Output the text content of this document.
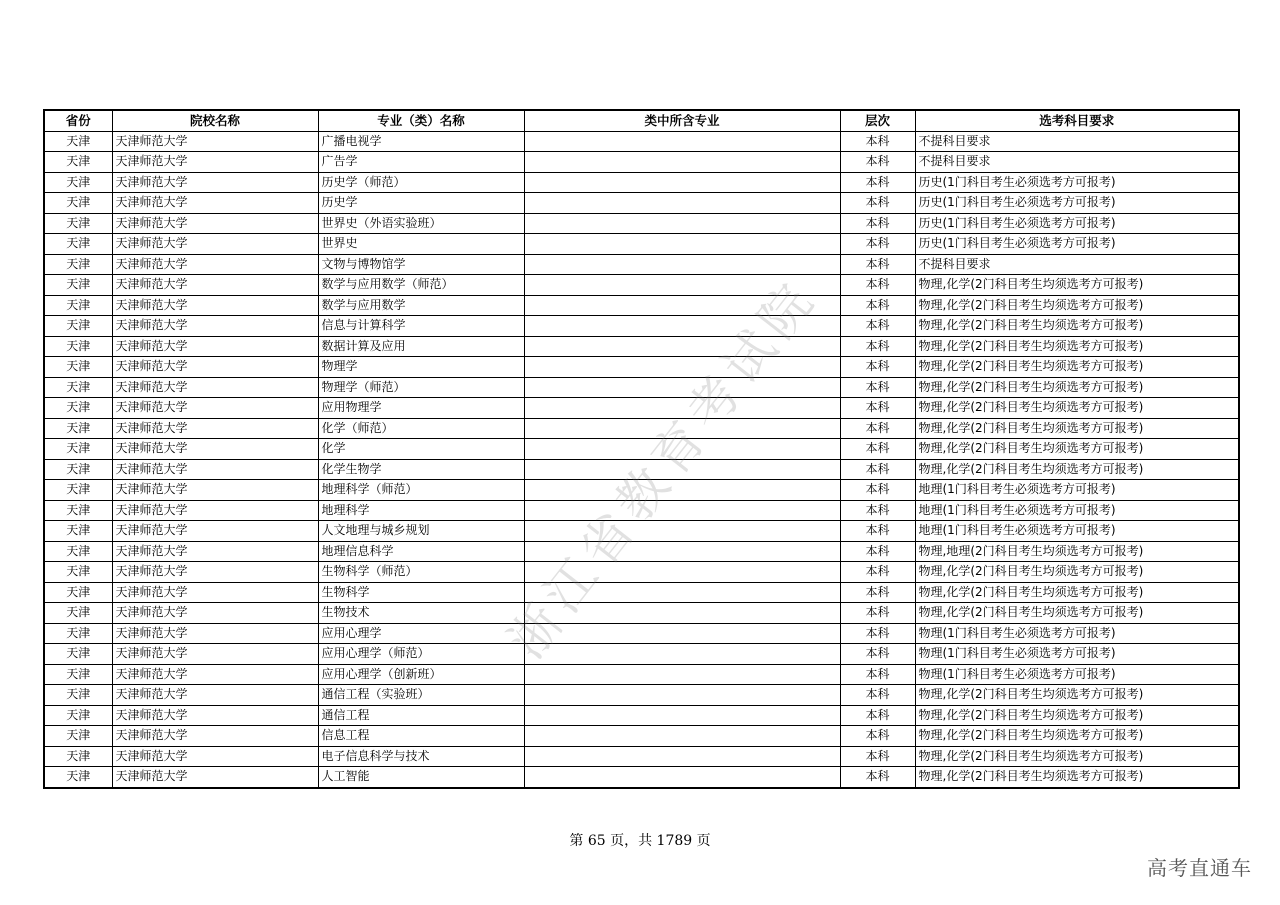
省份	院校名称	专业（类）名称	类中所含专业	层次	选考科目要求
天津	天津师范大学	广播电视学		本科	不提科目要求
天津	天津师范大学	广告学		本科	不提科目要求
天津	天津师范大学	历史学（师范）		本科	历史(1门科目考生必须选考方可报考)
天津	天津师范大学	历史学		本科	历史(1门科目考生必须选考方可报考)
天津	天津师范大学	世界史（外语实验班）		本科	历史(1门科目考生必须选考方可报考)
天津	天津师范大学	世界史		本科	历史(1门科目考生必须选考方可报考)
天津	天津师范大学	文物与博物馆学		本科	不提科目要求
天津	天津师范大学	数学与应用数学（师范）		本科	物理,化学(2门科目考生均须选考方可报考)
天津	天津师范大学	数学与应用数学		本科	物理,化学(2门科目考生均须选考方可报考)
天津	天津师范大学	信息与计算科学		本科	物理,化学(2门科目考生均须选考方可报考)
天津	天津师范大学	数据计算及应用		本科	物理,化学(2门科目考生均须选考方可报考)
天津	天津师范大学	物理学		本科	物理,化学(2门科目考生均须选考方可报考)
天津	天津师范大学	物理学（师范）		本科	物理,化学(2门科目考生均须选考方可报考)
天津	天津师范大学	应用物理学		本科	物理,化学(2门科目考生均须选考方可报考)
天津	天津师范大学	化学（师范）		本科	物理,化学(2门科目考生均须选考方可报考)
天津	天津师范大学	化学		本科	物理,化学(2门科目考生均须选考方可报考)
天津	天津师范大学	化学生物学		本科	物理,化学(2门科目考生均须选考方可报考)
天津	天津师范大学	地理科学（师范）		本科	地理(1门科目考生必须选考方可报考)
天津	天津师范大学	地理科学		本科	地理(1门科目考生必须选考方可报考)
天津	天津师范大学	人文地理与城乡规划		本科	地理(1门科目考生必须选考方可报考)
天津	天津师范大学	地理信息科学		本科	物理,地理(2门科目考生均须选考方可报考)
天津	天津师范大学	生物科学（师范）		本科	物理,化学(2门科目考生均须选考方可报考)
天津	天津师范大学	生物科学		本科	物理,化学(2门科目考生均须选考方可报考)
天津	天津师范大学	生物技术		本科	物理,化学(2门科目考生均须选考方可报考)
天津	天津师范大学	应用心理学		本科	物理(1门科目考生必须选考方可报考)
天津	天津师范大学	应用心理学（师范）		本科	物理(1门科目考生必须选考方可报考)
天津	天津师范大学	应用心理学（创新班）		本科	物理(1门科目考生必须选考方可报考)
天津	天津师范大学	通信工程（实验班）		本科	物理,化学(2门科目考生均须选考方可报考)
天津	天津师范大学	通信工程		本科	物理,化学(2门科目考生均须选考方可报考)
天津	天津师范大学	信息工程		本科	物理,化学(2门科目考生均须选考方可报考)
天津	天津师范大学	电子信息科学与技术		本科	物理,化学(2门科目考生均须选考方可报考)
天津	天津师范大学	人工智能		本科	物理,化学(2门科目考生均须选考方可报考)
浙江省教育考试院
第 65 页，共 1789 页
高考直通车
